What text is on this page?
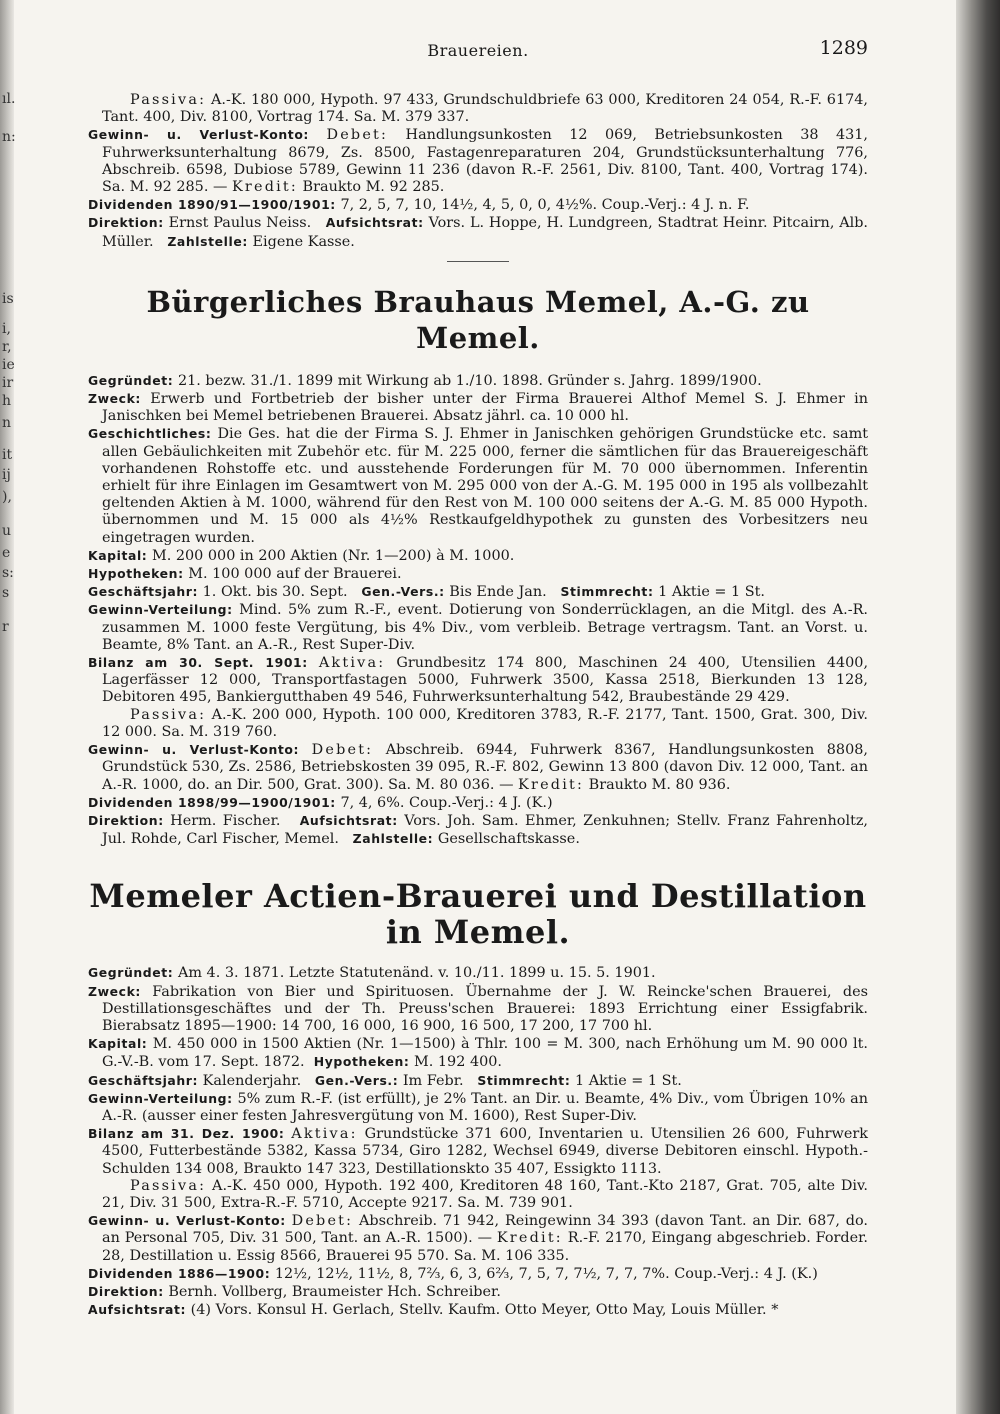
ıl.
n:
is
i,
r,
ie
ir
h
n
it
ij
),
u
e
s:
s
r
Brauereien.	1289

Passiva: A.-K. 180 000, Hypoth. 97 433, Grundschuldbriefe 63 000, Kreditoren 24 054, R.-F. 6174, Tant. 400, Div. 8100, Vortrag 174. Sa. M. 379 337.

Gewinn- u. Verlust-Konto: Debet: Handlungsunkosten 12 069, Betriebsunkosten 38 431, Fuhrwerksunterhaltung 8679, Zs. 8500, Fastagenreparaturen 204, Grundstücksunterhaltung 776, Abschreib. 6598, Dubiose 5789, Gewinn 11 236 (davon R.-F. 2561, Div. 8100, Tant. 400, Vortrag 174). Sa. M. 92 285. — Kredit: Braukto M. 92 285.

Dividenden 1890/91—1900/1901: 7, 2, 5, 7, 10, 14½, 4, 5, 0, 0, 4½%. Coup.-Verj.: 4 J. n. F.

Direktion: Ernst Paulus Neiss. Aufsichtsrat: Vors. L. Hoppe, H. Lundgreen, Stadtrat Heinr. Pitcairn, Alb. Müller. Zahlstelle: Eigene Kasse.

Bürgerliches Brauhaus Memel, A.-G. zu Memel.

Gegründet: 21. bezw. 31./1. 1899 mit Wirkung ab 1./10. 1898. Gründer s. Jahrg. 1899/1900.

Zweck: Erwerb und Fortbetrieb der bisher unter der Firma Brauerei Althof Memel S. J. Ehmer in Janischken bei Memel betriebenen Brauerei. Absatz jährl. ca. 10 000 hl.

Geschichtliches: Die Ges. hat die der Firma S. J. Ehmer in Janischken gehörigen Grundstücke etc. samt allen Gebäulichkeiten mit Zubehör etc. für M. 225 000, ferner die sämtlichen für das Brauereigeschäft vorhandenen Rohstoffe etc. und ausstehende Forderungen für M. 70 000 übernommen. Inferentin erhielt für ihre Einlagen im Gesamtwert von M. 295 000 von der A.-G. M. 195 000 in 195 als vollbezahlt geltenden Aktien à M. 1000, während für den Rest von M. 100 000 seitens der A.-G. M. 85 000 Hypoth. übernommen und M. 15 000 als 4½% Restkaufgeldhypothek zu gunsten des Vorbesitzers neu eingetragen wurden.

Kapital: M. 200 000 in 200 Aktien (Nr. 1—200) à M. 1000.

Hypotheken: M. 100 000 auf der Brauerei.

Geschäftsjahr: 1. Okt. bis 30. Sept. Gen.-Vers.: Bis Ende Jan. Stimmrecht: 1 Aktie = 1 St.

Gewinn-Verteilung: Mind. 5% zum R.-F., event. Dotierung von Sonderrücklagen, an die Mitgl. des A.-R. zusammen M. 1000 feste Vergütung, bis 4% Div., vom verbleib. Betrage vertragsm. Tant. an Vorst. u. Beamte, 8% Tant. an A.-R., Rest Super-Div.

Bilanz am 30. Sept. 1901: Aktiva: Grundbesitz 174 800, Maschinen 24 400, Utensilien 4400, Lagerfässer 12 000, Transportfastagen 5000, Fuhrwerk 3500, Kassa 2518, Bierkunden 13 128, Debitoren 495, Bankiergutthaben 49 546, Fuhrwerksunterhaltung 542, Braubestände 29 429.

Passiva: A.-K. 200 000, Hypoth. 100 000, Kreditoren 3783, R.-F. 2177, Tant. 1500, Grat. 300, Div. 12 000. Sa. M. 319 760.

Gewinn- u. Verlust-Konto: Debet: Abschreib. 6944, Fuhrwerk 8367, Handlungsunkosten 8808, Grundstück 530, Zs. 2586, Betriebskosten 39 095, R.-F. 802, Gewinn 13 800 (davon Div. 12 000, Tant. an A.-R. 1000, do. an Dir. 500, Grat. 300). Sa. M. 80 036. — Kredit: Braukto M. 80 936.

Dividenden 1898/99—1900/1901: 7, 4, 6%. Coup.-Verj.: 4 J. (K.)

Direktion: Herm. Fischer. Aufsichtsrat: Vors. Joh. Sam. Ehmer, Zenkuhnen; Stellv. Franz Fahrenholtz, Jul. Rohde, Carl Fischer, Memel. Zahlstelle: Gesellschaftskasse.

Memeler Actien-Brauerei und Destillation in Memel.

Gegründet: Am 4. 3. 1871. Letzte Statutenänd. v. 10./11. 1899 u. 15. 5. 1901.

Zweck: Fabrikation von Bier und Spirituosen. Übernahme der J. W. Reincke'schen Brauerei, des Destillationsgeschäftes und der Th. Preuss'schen Brauerei: 1893 Errichtung einer Essigfabrik. Bierabsatz 1895—1900: 14 700, 16 000, 16 900, 16 500, 17 200, 17 700 hl.

Kapital: M. 450 000 in 1500 Aktien (Nr. 1—1500) à Thlr. 100 = M. 300, nach Erhöhung um M. 90 000 lt. G.-V.-B. vom 17. Sept. 1872. Hypotheken: M. 192 400.

Geschäftsjahr: Kalenderjahr. Gen.-Vers.: Im Febr. Stimmrecht: 1 Aktie = 1 St.

Gewinn-Verteilung: 5% zum R.-F. (ist erfüllt), je 2% Tant. an Dir. u. Beamte, 4% Div., vom Übrigen 10% an A.-R. (ausser einer festen Jahresvergütung von M. 1600), Rest Super-Div.

Bilanz am 31. Dez. 1900: Aktiva: Grundstücke 371 600, Inventarien u. Utensilien 26 600, Fuhrwerk 4500, Futterbestände 5382, Kassa 5734, Giro 1282, Wechsel 6949, diverse Debitoren einschl. Hypoth.-Schulden 134 008, Braukto 147 323, Destillationskto 35 407, Essigkto 1113.

Passiva: A.-K. 450 000, Hypoth. 192 400, Kreditoren 48 160, Tant.-Kto 2187, Grat. 705, alte Div. 21, Div. 31 500, Extra-R.-F. 5710, Accepte 9217. Sa. M. 739 901.

Gewinn- u. Verlust-Konto: Debet: Abschreib. 71 942, Reingewinn 34 393 (davon Tant. an Dir. 687, do. an Personal 705, Div. 31 500, Tant. an A.-R. 1500). — Kredit: R.-F. 2170, Eingang abgeschrieb. Forder. 28, Destillation u. Essig 8566, Brauerei 95 570. Sa. M. 106 335.

Dividenden 1886—1900: 12½, 12½, 11½, 8, 7⅔, 6, 3, 6⅔, 7, 5, 7, 7½, 7, 7, 7%. Coup.-Verj.: 4 J. (K.)

Direktion: Bernh. Vollberg, Braumeister Hch. Schreiber.

Aufsichtsrat: (4) Vors. Konsul H. Gerlach, Stellv. Kaufm. Otto Meyer, Otto May, Louis Müller. *
